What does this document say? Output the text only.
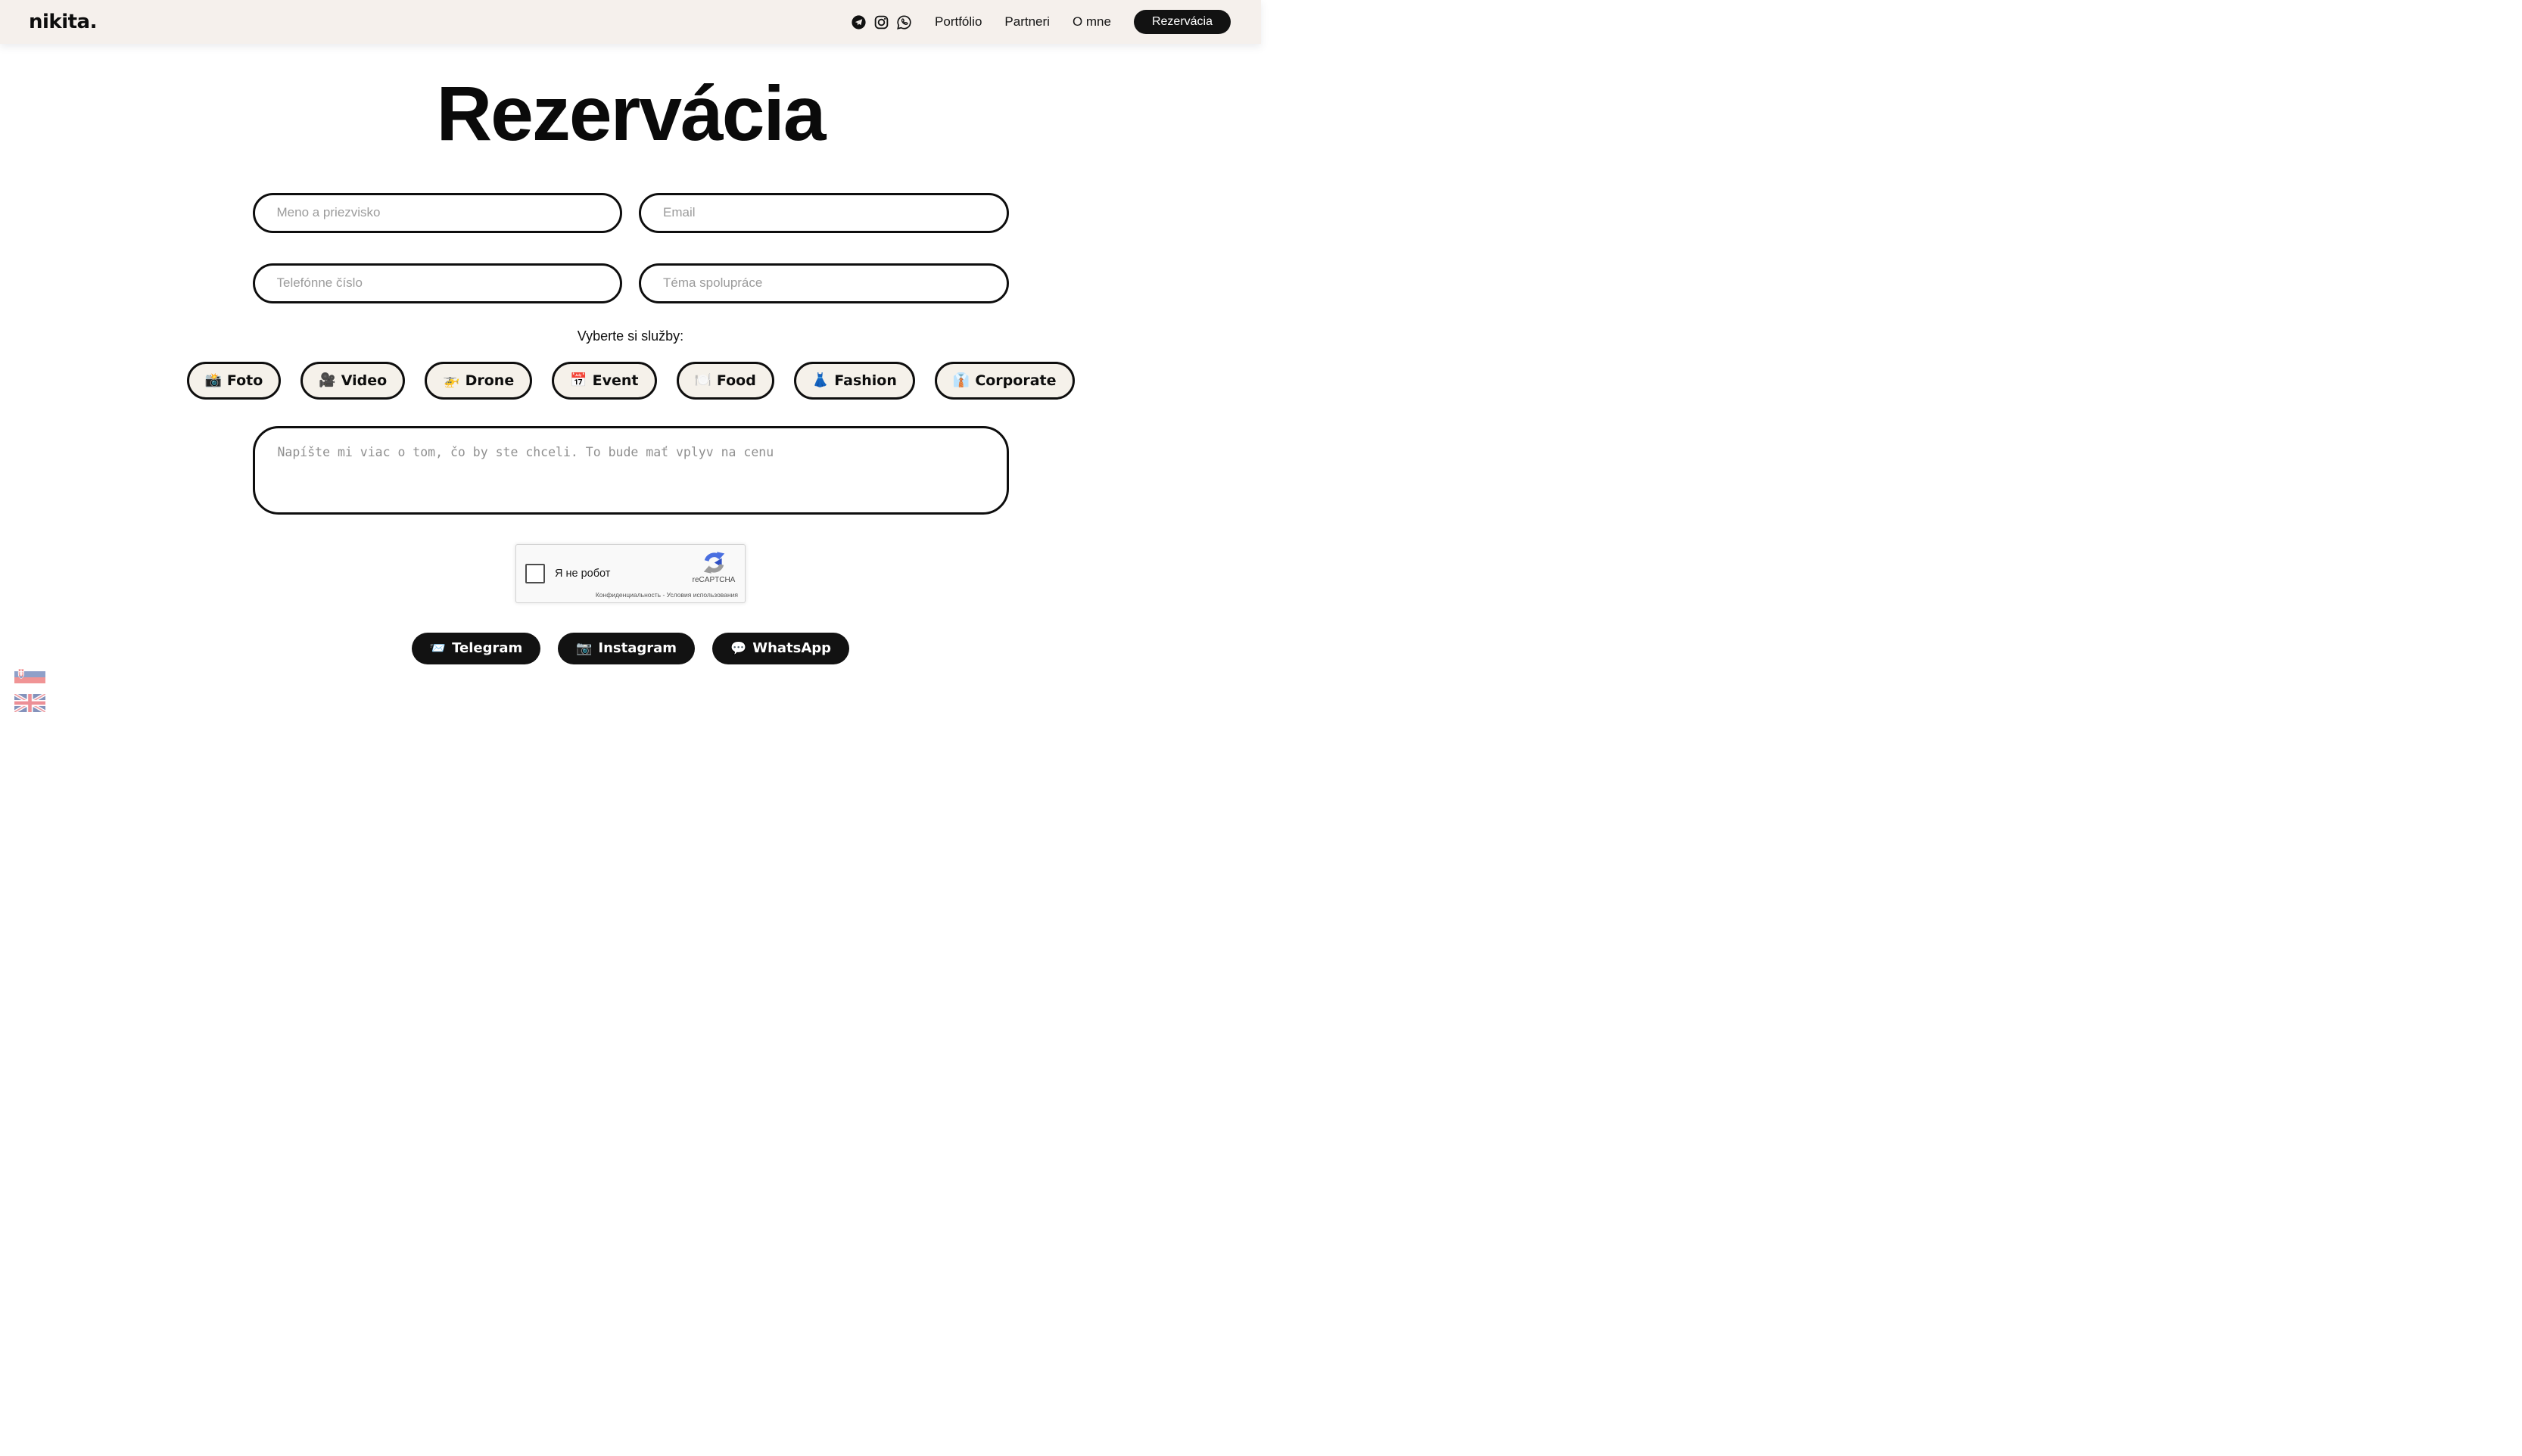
nikita.	Portfólio Partneri O mne	Rezervácia
Rezervácia
Meno a priezvisko
Email
Telefónne číslo
Téma spolupráce
Vyberte si služby:
📸 Foto	🎥 Video	🚁 Drone	📅 Event	🍽️ Food	👗 Fashion	👔 Corporate
Napíšte mi viac o tom, čo by ste chceli. To bude mať vplyv na cenu
Я не робот
reCAPTCHA
Конфиденциальность - Условия использования
📨 Telegram	📷 Instagram	💬 WhatsApp
